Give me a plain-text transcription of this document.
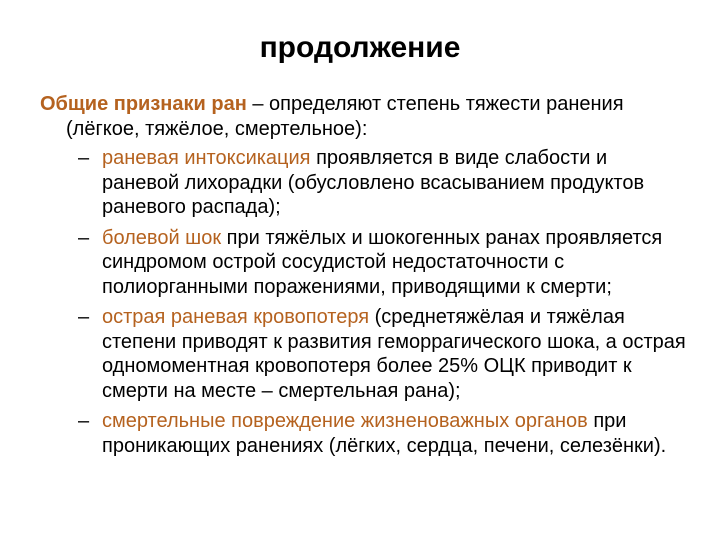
продолжение
Общие признаки ран – определяют степень тяжести ранения (лёгкое, тяжёлое, смертельное):
– раневая интоксикация проявляется в виде слабости и раневой лихорадки (обусловлено всасыванием продуктов раневого распада);
– болевой шок при тяжёлых и шокогенных ранах проявляется синдромом острой сосудистой недостаточности с полиорганными поражениями, приводящими к смерти;
– острая раневая кровопотеря (среднетяжёлая и тяжёлая степени приводят к развития геморрагического шока, а острая одномоментная кровопотеря более 25% ОЦК приводит к смерти на месте – смертельная рана);
– смертельные повреждение жизненоважных органов при проникающих ранениях (лёгких, сердца, печени, селезёнки).
